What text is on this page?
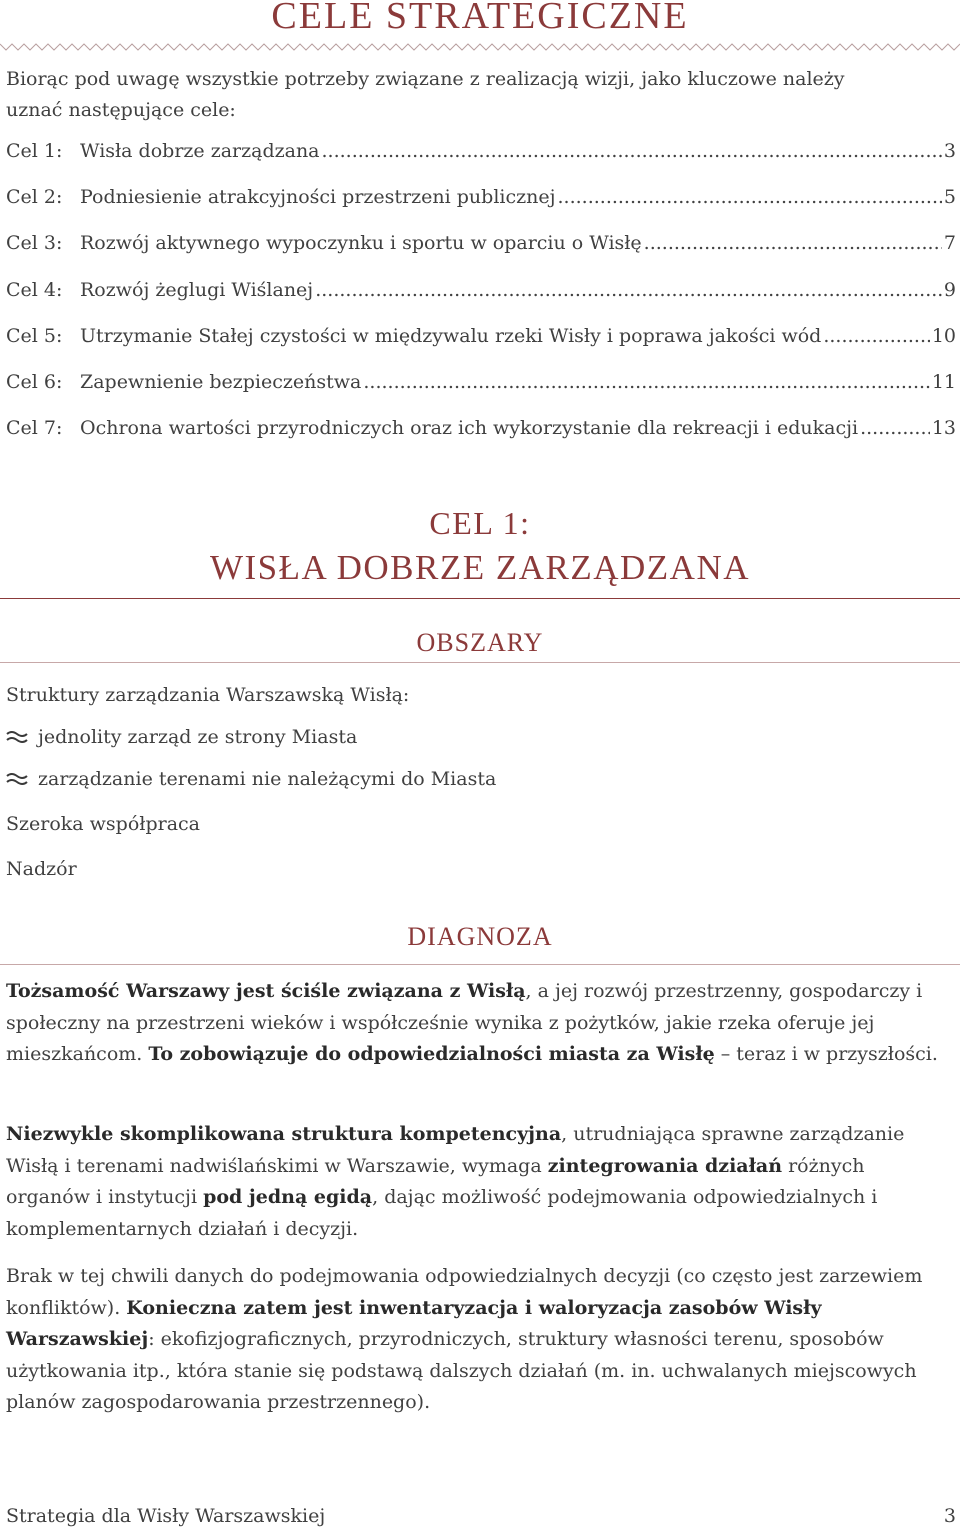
CELE STRATEGICZNE

Biorąc pod uwagę wszystkie potrzeby związane z realizacją wizji, jako kluczowe należy uznać następujące cele:

Cel 1: Wisła dobrze zarządzana .....	3
Cel 2: Podniesienie atrakcyjności przestrzeni publicznej .....	5
Cel 3: Rozwój aktywnego wypoczynku i sportu w oparciu o Wisłę .....	7
Cel 4: Rozwój żeglugi Wiślanej .....	9
Cel 5: Utrzymanie Stałej czystości w międzywalu rzeki Wisły i poprawa jakości wód .....	10
Cel 6: Zapewnienie bezpieczeństwa .....	11
Cel 7: Ochrona wartości przyrodniczych oraz ich wykorzystanie dla rekreacji i edukacji .....	13
CEL 1:
WISŁA DOBRZE ZARZĄDZANA
OBSZARY

Struktury zarządzania Warszawską Wisłą:

jednolity zarząd ze strony Miasta
zarządzanie terenami nie należącymi do Miasta

Szeroka współpraca

Nadzór

DIAGNOZA

Tożsamość Warszawy jest ściśle związana z Wisłą, a jej rozwój przestrzenny, gospodarczy i społeczny na przestrzeni wieków i współcześnie wynika z pożytków, jakie rzeka oferuje jej mieszkańcom. To zobowiązuje do odpowiedzialności miasta za Wisłę – teraz i w przyszłości.

Niezwykle skomplikowana struktura kompetencyjna, utrudniająca sprawne zarządzanie Wisłą i terenami nadwiślańskimi w Warszawie, wymaga zintegrowania działań różnych organów i instytucji pod jedną egidą, dając możliwość podejmowania odpowiedzialnych i komplementarnych działań i decyzji.

Brak w tej chwili danych do podejmowania odpowiedzialnych decyzji (co często jest zarzewiem konfliktów). Konieczna zatem jest inwentaryzacja i waloryzacja zasobów Wisły Warszawskiej: ekofizjograficznych, przyrodniczych, struktury własności terenu, sposobów użytkowania itp., która stanie się podstawą dalszych działań (m. in. uchwalanych miejscowych planów zagospodarowania przestrzennego).

Strategia dla Wisły Warszawskiej	3
